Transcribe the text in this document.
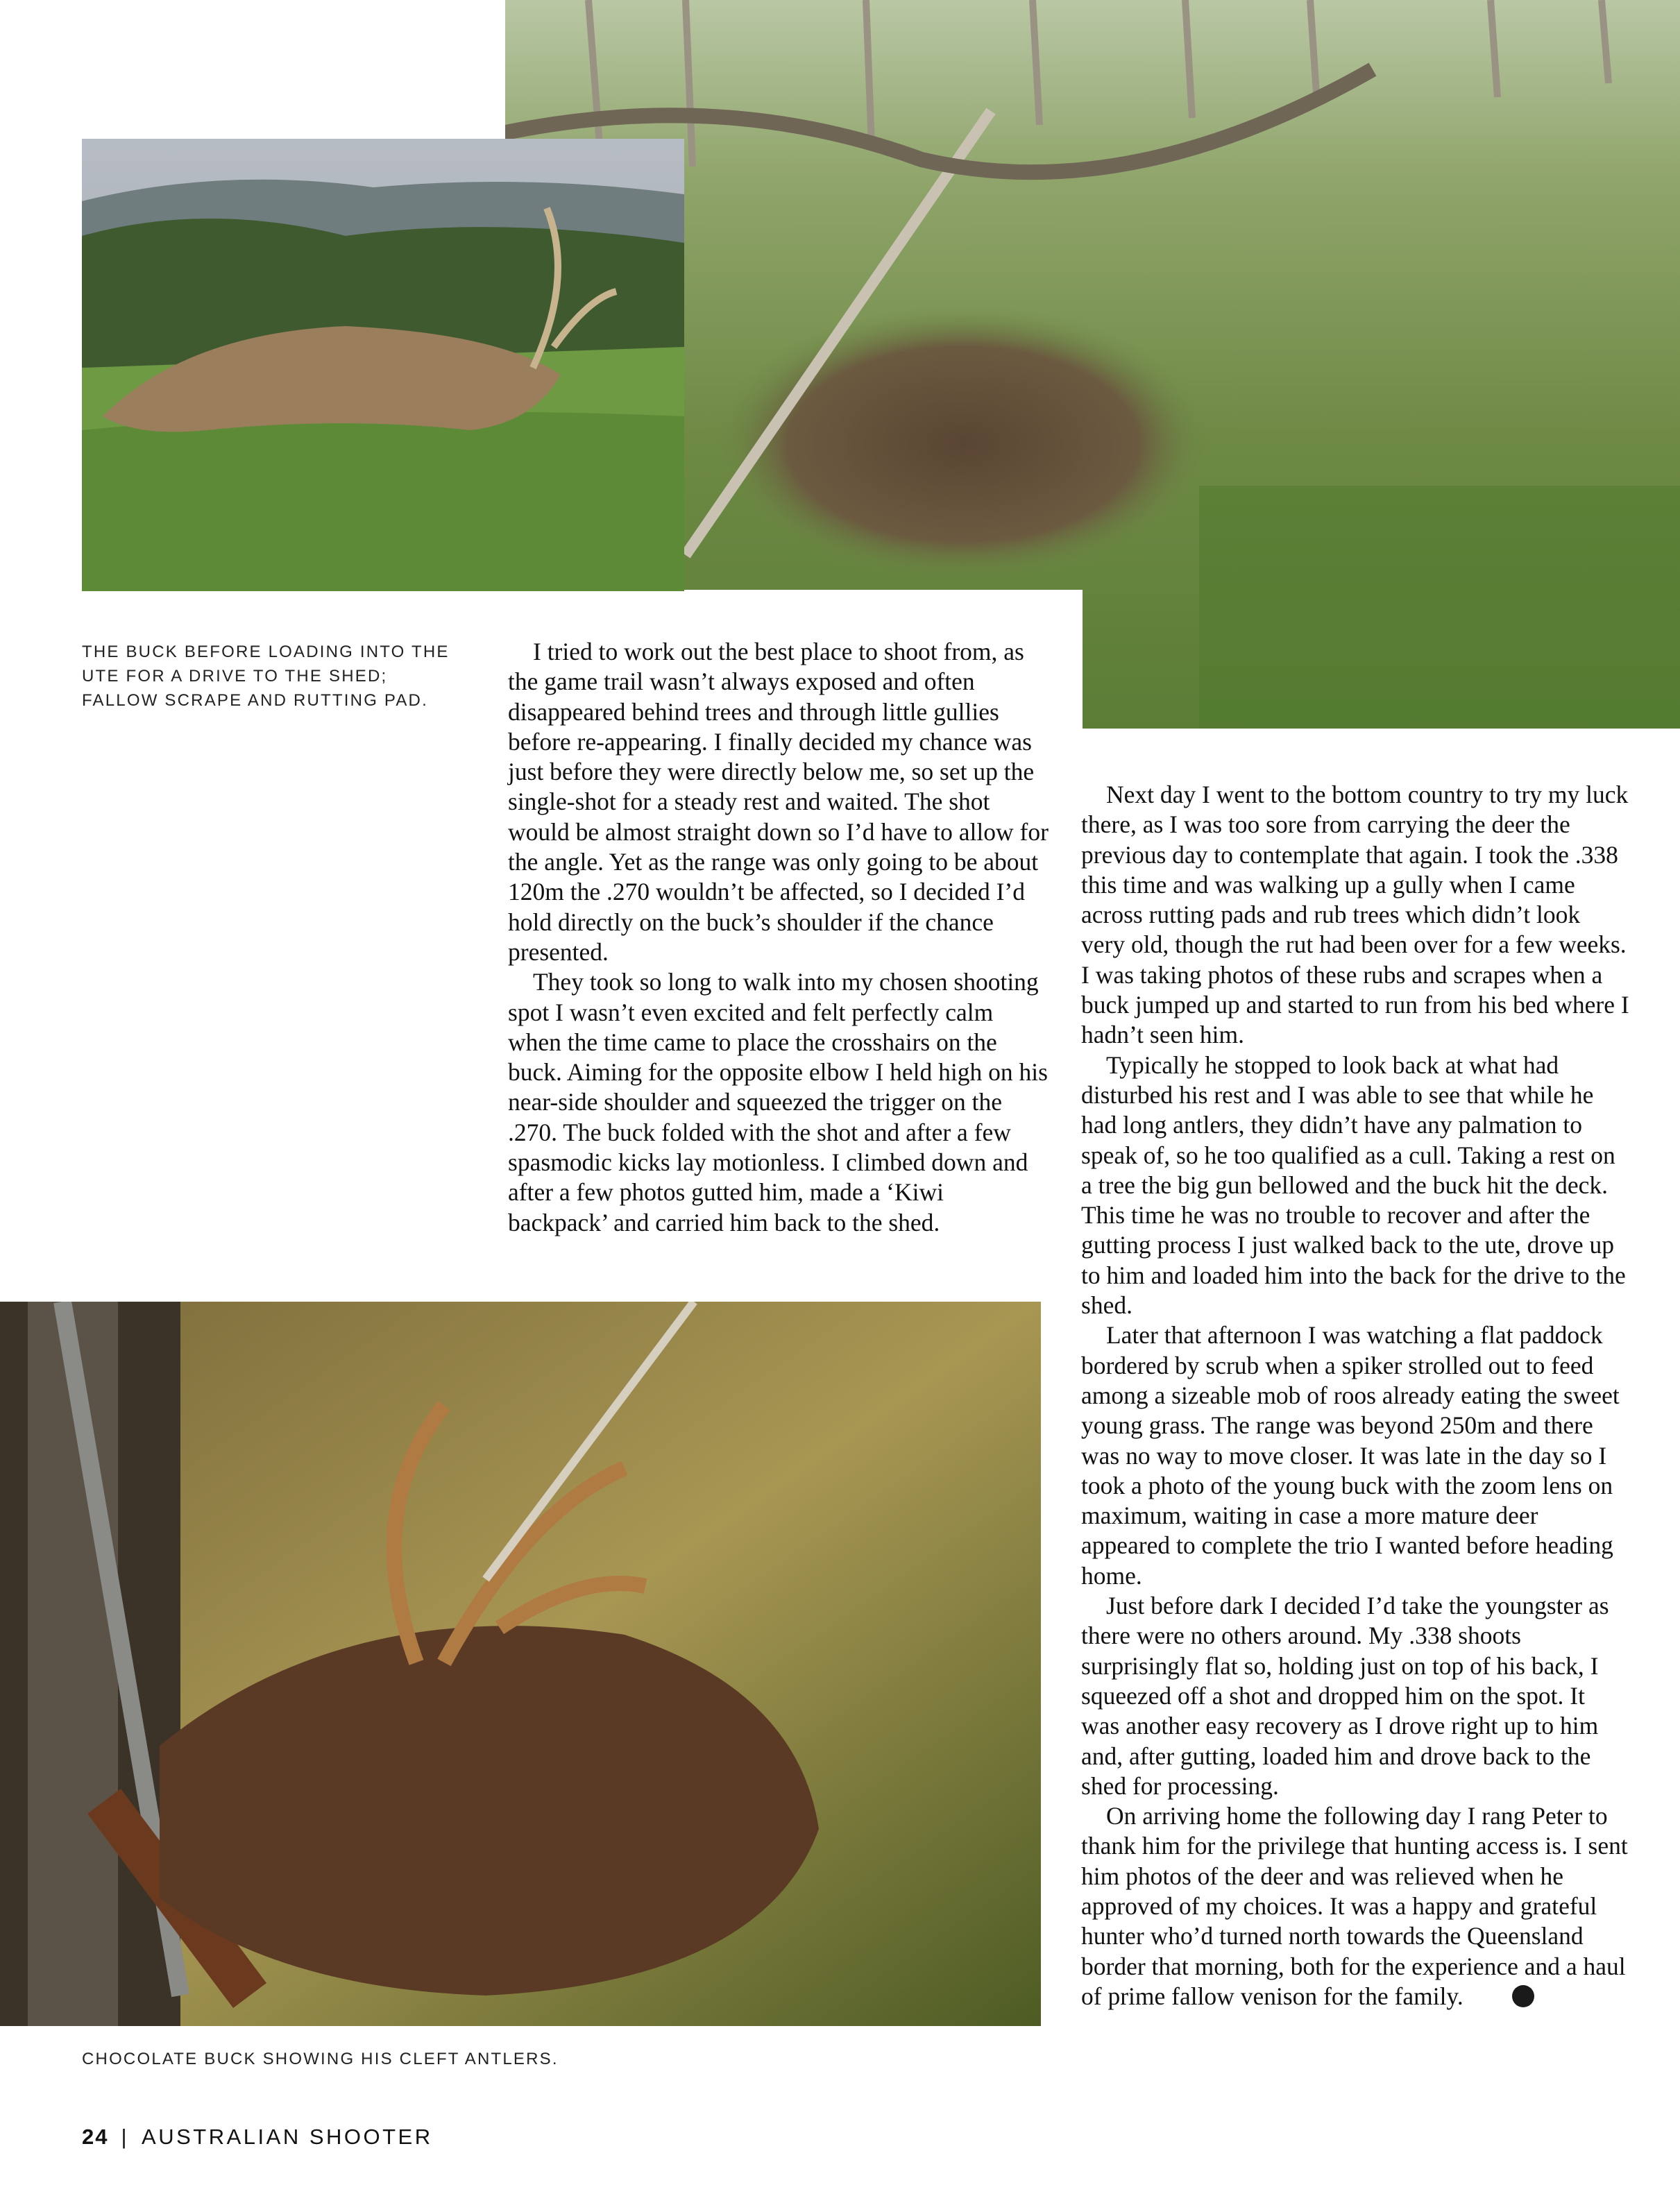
THE BUCK BEFORE LOADING INTO THE UTE FOR A DRIVE TO THE SHED; FALLOW SCRAPE AND RUTTING PAD.

I tried to work out the best place to shoot from, as the game trail wasn’t always exposed and often disappeared behind trees and through little gullies before re-appearing. I finally decided my chance was just before they were directly below me, so set up the single-shot for a steady rest and waited. The shot would be almost straight down so I’d have to allow for the angle. Yet as the range was only going to be about 120m the .270 wouldn’t be affected, so I decided I’d hold directly on the buck’s shoulder if the chance presented.

They took so long to walk into my chosen shooting spot I wasn’t even excited and felt perfectly calm when the time came to place the crosshairs on the buck. Aiming for the opposite elbow I held high on his near-side shoulder and squeezed the trigger on the .270. The buck folded with the shot and after a few spasmodic kicks lay motionless. I climbed down and after a few photos gutted him, made a ‘Kiwi backpack’ and carried him back to the shed.

CHOCOLATE BUCK SHOWING HIS CLEFT ANTLERS.

Next day I went to the bottom country to try my luck there, as I was too sore from carrying the deer the previous day to contemplate that again. I took the .338 this time and was walking up a gully when I came across rutting pads and rub trees which didn’t look very old, though the rut had been over for a few weeks. I was taking photos of these rubs and scrapes when a buck jumped up and started to run from his bed where I hadn’t seen him.

Typically he stopped to look back at what had disturbed his rest and I was able to see that while he had long antlers, they didn’t have any palmation to speak of, so he too qualified as a cull. Taking a rest on a tree the big gun bellowed and the buck hit the deck. This time he was no trouble to recover and after the gutting process I just walked back to the ute, drove up to him and loaded him into the back for the drive to the shed.

Later that afternoon I was watching a flat paddock bordered by scrub when a spiker strolled out to feed among a sizeable mob of roos already eating the sweet young grass. The range was beyond 250m and there was no way to move closer. It was late in the day so I took a photo of the young buck with the zoom lens on maximum, waiting in case a more mature deer appeared to complete the trio I wanted before heading home.

Just before dark I decided I’d take the youngster as there were no others around. My .338 shoots surprisingly flat so, holding just on top of his back, I squeezed off a shot and dropped him on the spot. It was another easy recovery as I drove right up to him and, after gutting, loaded him and drove back to the shed for processing.

On arriving home the following day I rang Peter to thank him for the privilege that hunting access is. I sent him photos of the deer and was relieved when he approved of my choices. It was a happy and grateful hunter who’d turned north towards the Queensland border that morning, both for the experience and a haul of prime fallow venison for the family.

24 | AUSTRALIAN SHOOTER
